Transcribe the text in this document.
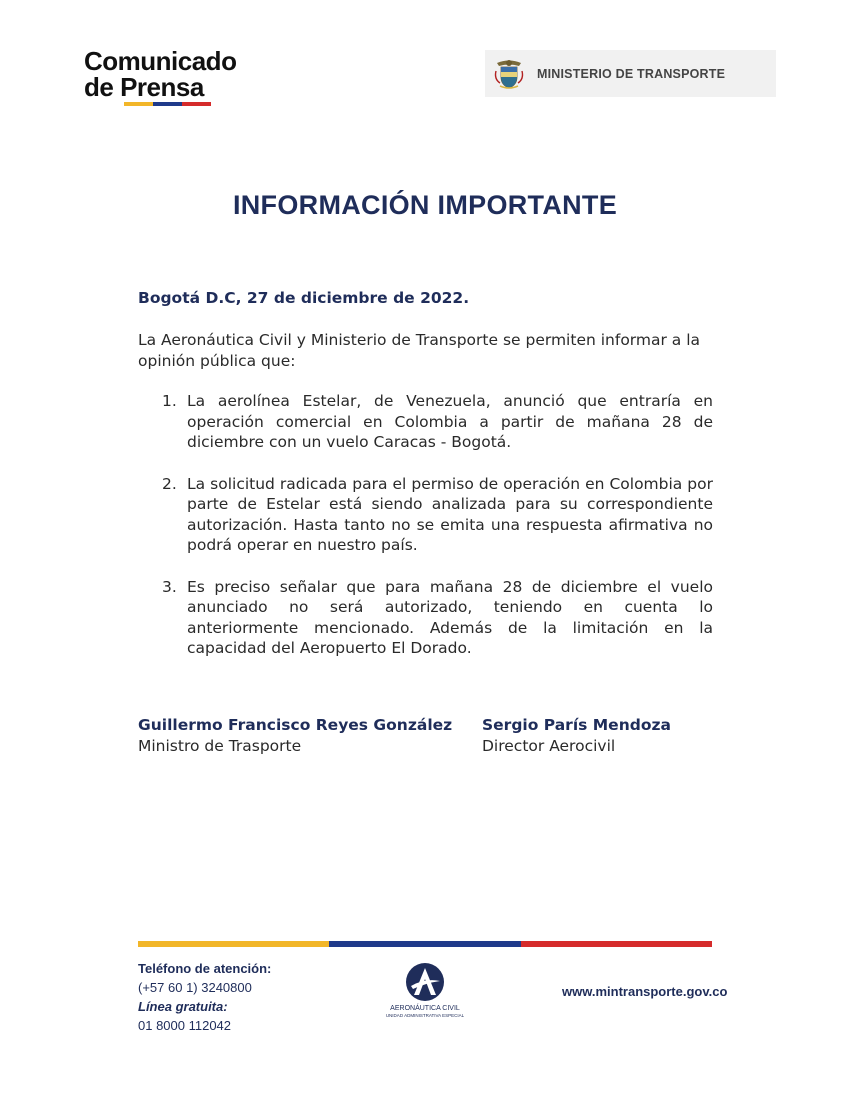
Comunicado
de Prensa	MINISTERIO DE TRANSPORTE
INFORMACIÓN IMPORTANTE
Bogotá D.C, 27 de diciembre de 2022.
La Aeronáutica Civil y Ministerio de Transporte se permiten informar a la opinión pública que:
1. La aerolínea Estelar, de Venezuela, anunció que entraría en operación comercial en Colombia a partir de mañana 28 de diciembre con un vuelo Caracas - Bogotá.
2. La solicitud radicada para el permiso de operación en Colombia por parte de Estelar está siendo analizada para su correspondiente autorización. Hasta tanto no se emita una respuesta afirmativa no podrá operar en nuestro país.
3. Es preciso señalar que para mañana 28 de diciembre el vuelo anunciado no será autorizado, teniendo en cuenta lo anteriormente mencionado. Además de la limitación en la capacidad del Aeropuerto El Dorado.
Guillermo Francisco Reyes González
Ministro de Trasporte
Sergio París Mendoza
Director Aerocivil
Teléfono de atención:
(+57 60 1) 3240800
Línea gratuita:
01 8000 112042
AERONÁUTICA CIVIL
UNIDAD ADMINISTRATIVA ESPECIAL
www.mintransporte.gov.co
